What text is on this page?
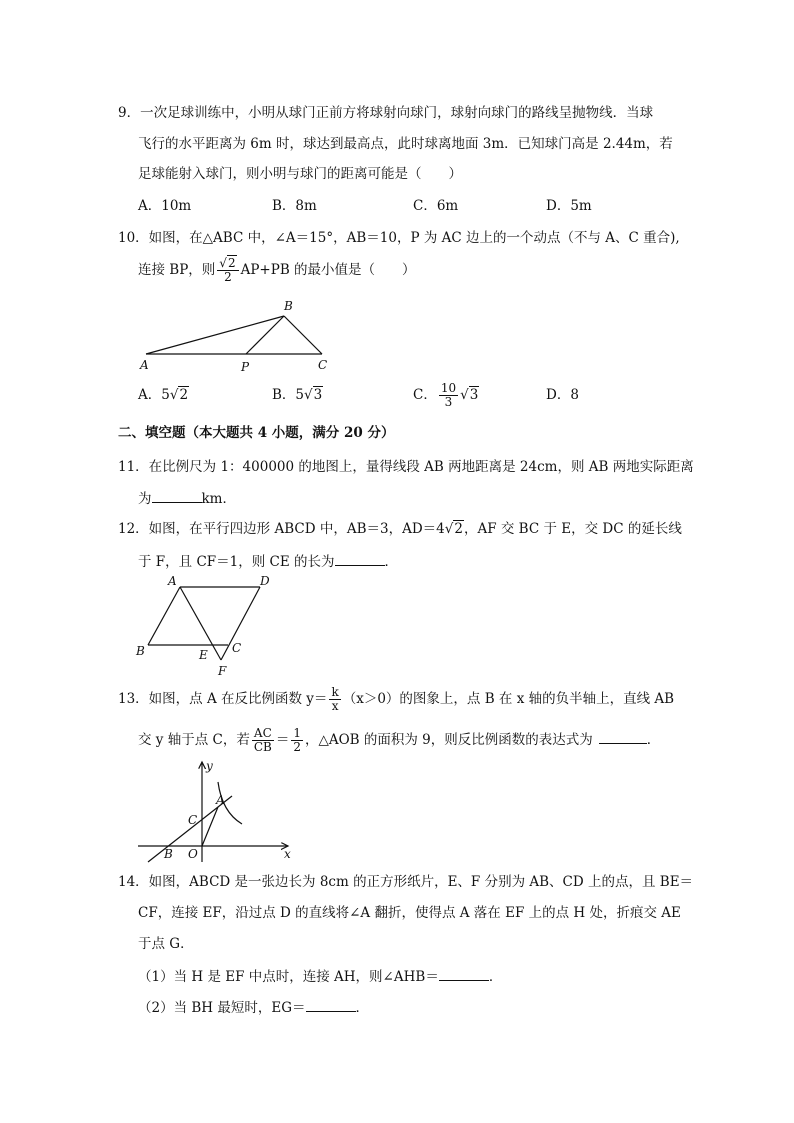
9．一次足球训练中，小明从球门正前方将球射向球门，球射向球门的路线呈抛物线．当球
飞行的水平距离为 6m 时，球达到最高点，此时球离地面 3m．已知球门高是 2.44m，若
足球能射入球门，则小明与球门的距离可能是（　　）
A．10m	B．8m	C．6m	D．5m
10．如图，在△ABC 中，∠A＝15°，AB＝10，P 为 AC 边上的一个动点（不与 A、C 重合),
连接 BP，则 $\frac{√2}{2} AP+PB$ 的最小值是（　　）
A
B
C
P
A．5√2	B．5√3	C． $\frac{10}{3} √3$	D．8
二、填空题（本大题共 4 小题，满分 20 分）
11．在比例尺为 1：400000 的地图上，量得线段 AB 两地距离是 24cm，则 AB 两地实际距离
为	km．
12．如图，在平行四边形 ABCD 中，AB＝3，AD＝4√2，AF 交 BC 于 E，交 DC 的延长线
于 F，且 CF＝1，则 CE 的长为	．
A	D
B	C
E
F
13．如图，点 A 在反比例函数 $y= \frac{k}{x} (x>0)$的图象上，点 B 在 x 轴的负半轴上，直线 AB
交 y 轴于点 C，若 $\frac{AC}{CB} = \frac{1}{2}$ ，△AOB 的面积为 9，则反比例函数的表达式为	．
y
x
A
C
B O
14．如图，ABCD 是一张边长为 8cm 的正方形纸片，E、F 分别为 AB、CD 上的点，且 BE＝
CF，连接 EF，沿过点 D 的直线将∠A 翻折，使得点 A 落在 EF 上的点 H 处，折痕交 AE
于点 G．
（1）当 H 是 EF 中点时，连接 AH，则∠AHB＝	．
（2）当 BH 最短时，EG＝	．
